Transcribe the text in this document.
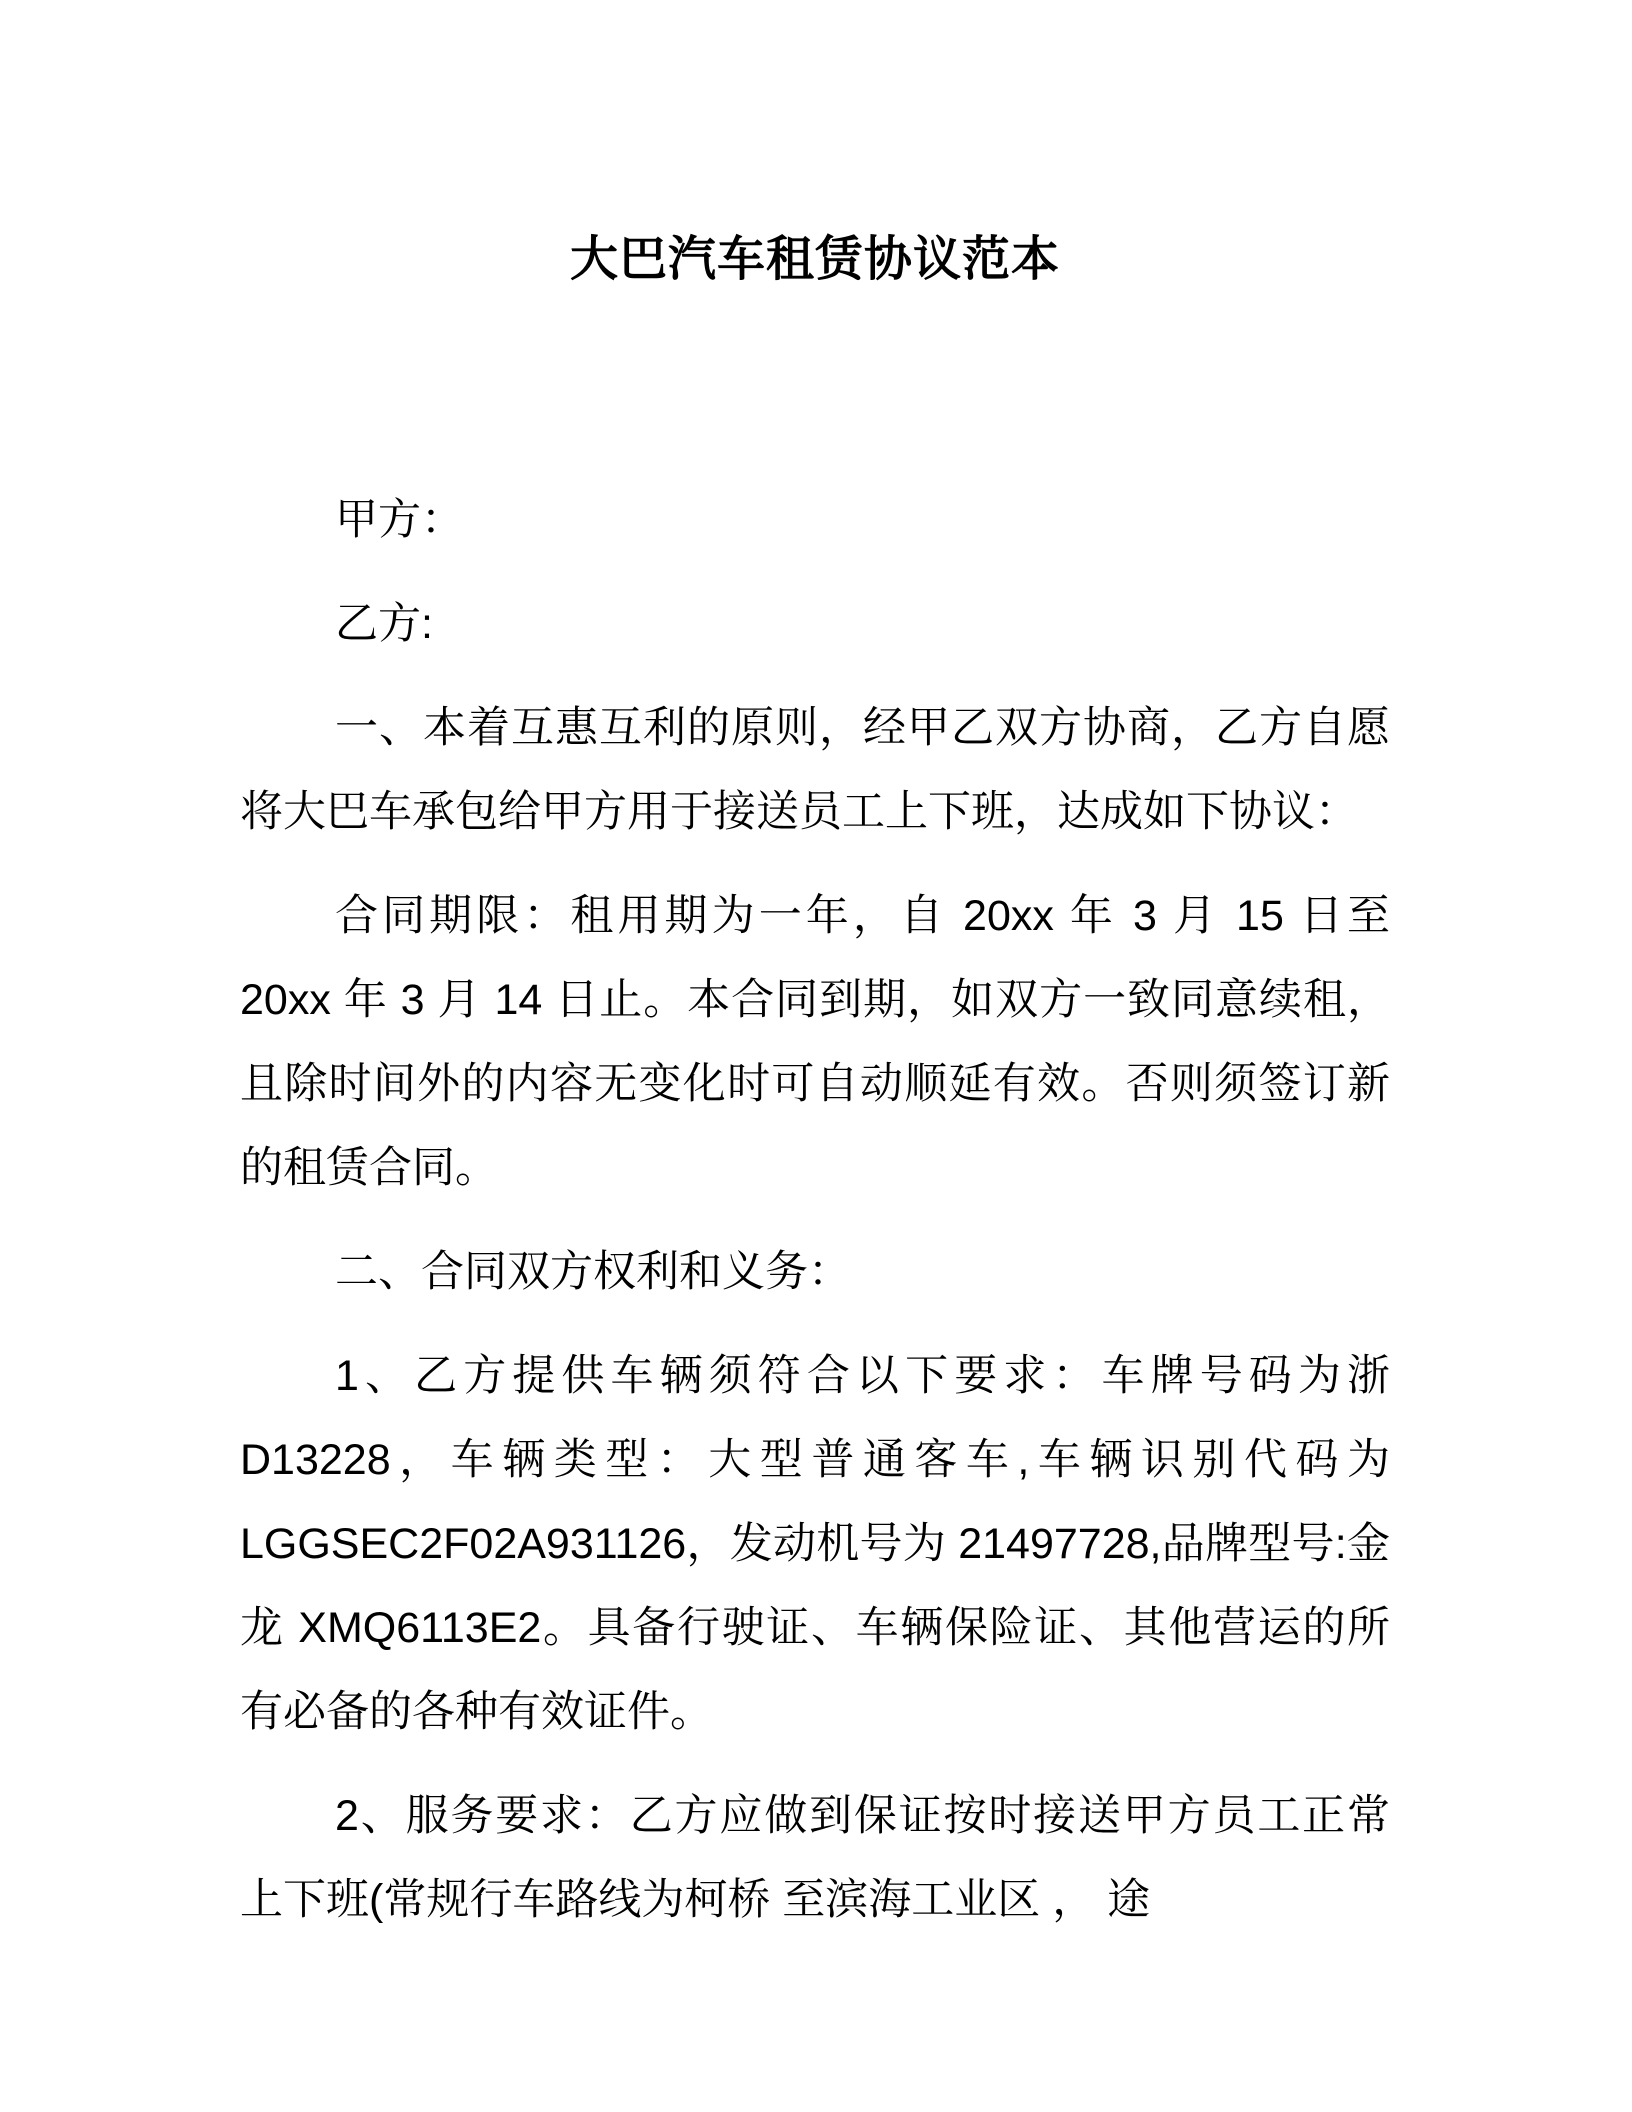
大巴汽车租赁协议范本

甲方：

乙方:

一、本着互惠互利的原则，经甲乙双方协商，乙方自愿将大巴车承包给甲方用于接送员工上下班，达成如下协议：

合同期限：租用期为一年，自 20xx 年 3 月 15 日至 20xx 年 3 月 14 日止。本合同到期，如双方一致同意续租，且除时间外的内容无变化时可自动顺延有效。否则须签订新的租赁合同。

二、合同双方权利和义务：

1、乙方提供车辆须符合以下要求：车牌号码为浙 D13228，车辆类型：大型普通客车,车辆识别代码为 LGGSEC2F02A931126，发动机号为 21497728,品牌型号:金龙 XMQ6113E2。具备行驶证、车辆保险证、其他营运的所有必备的各种有效证件。

2、服务要求：乙方应做到保证按时接送甲方员工正常上下班(常规行车路线为柯桥 至滨海工业区 ， 途
